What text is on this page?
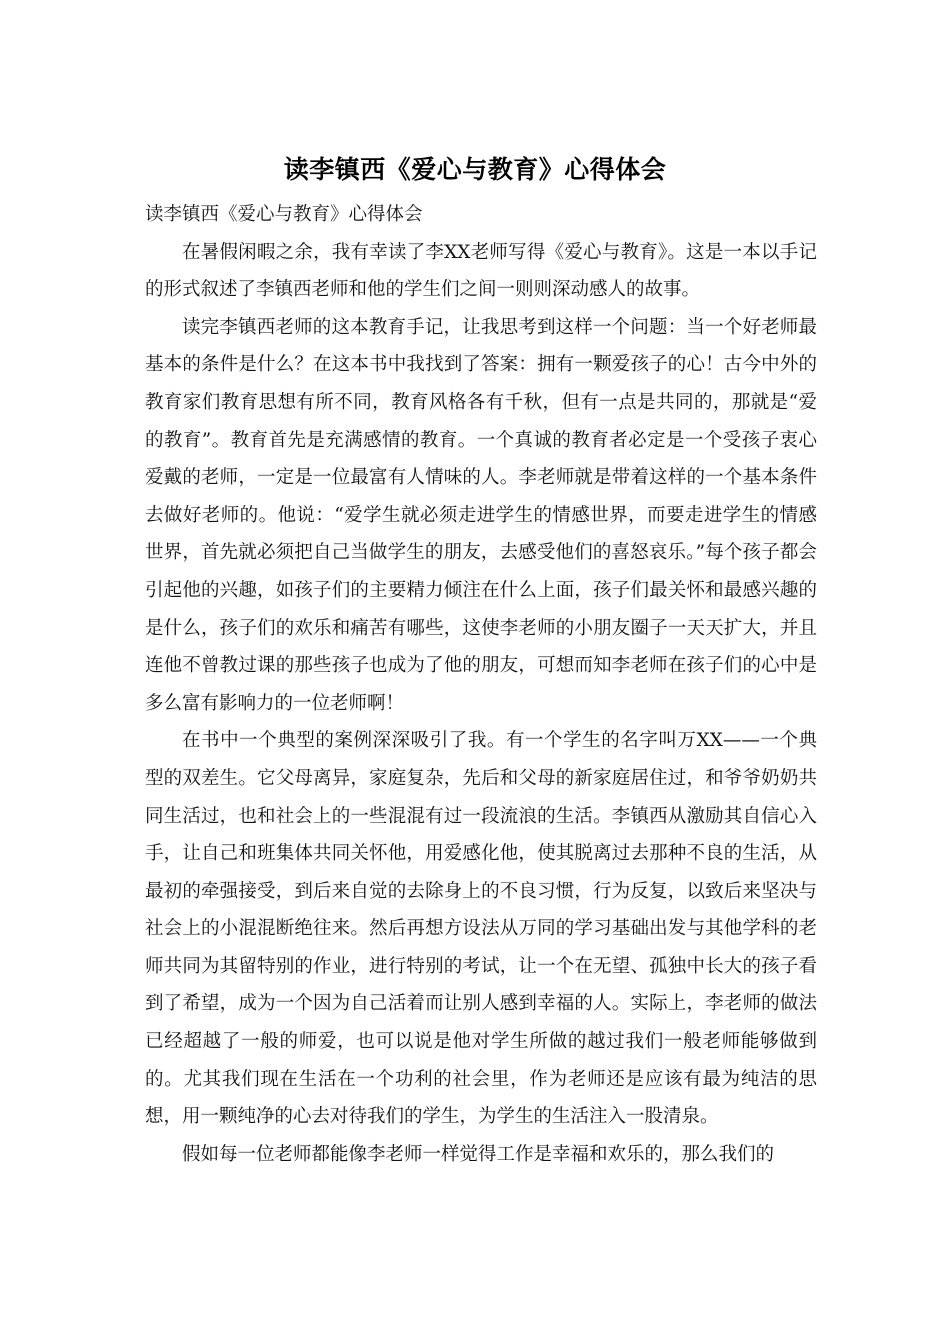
读李镇西《爱心与教育》心得体会

读李镇西《爱心与教育》心得体会

在暑假闲暇之余，我有幸读了李XX老师写得《爱心与教育》。这是一本以手记的形式叙述了李镇西老师和他的学生们之间一则则深动感人的故事。

读完李镇西老师的这本教育手记，让我思考到这样一个问题：当一个好老师最基本的条件是什么？在这本书中我找到了答案：拥有一颗爱孩子的心！古今中外的教育家们教育思想有所不同，教育风格各有千秋，但有一点是共同的，那就是“爱的教育”。教育首先是充满感情的教育。一个真诚的教育者必定是一个受孩子衷心爱戴的老师，一定是一位最富有人情味的人。李老师就是带着这样的一个基本条件去做好老师的。他说：“爱学生就必须走进学生的情感世界，而要走进学生的情感世界，首先就必须把自己当做学生的朋友，去感受他们的喜怒哀乐。”每个孩子都会引起他的兴趣，如孩子们的主要精力倾注在什么上面，孩子们最关怀和最感兴趣的是什么，孩子们的欢乐和痛苦有哪些，这使李老师的小朋友圈子一天天扩大，并且连他不曾教过课的那些孩子也成为了他的朋友，可想而知李老师在孩子们的心中是多么富有影响力的一位老师啊！

在书中一个典型的案例深深吸引了我。有一个学生的名字叫万XX——一个典型的双差生。它父母离异，家庭复杂，先后和父母的新家庭居住过，和爷爷奶奶共同生活过，也和社会上的一些混混有过一段流浪的生活。李镇西从激励其自信心入手，让自己和班集体共同关怀他，用爱感化他，使其脱离过去那种不良的生活，从最初的牵强接受，到后来自觉的去除身上的不良习惯，行为反复，以致后来坚决与社会上的小混混断绝往来。然后再想方设法从万同的学习基础出发与其他学科的老师共同为其留特别的作业，进行特别的考试，让一个在无望、孤独中长大的孩子看到了希望，成为一个因为自己活着而让别人感到幸福的人。实际上，李老师的做法已经超越了一般的师爱，也可以说是他对学生所做的越过我们一般老师能够做到的。尤其我们现在生活在一个功利的社会里，作为老师还是应该有最为纯洁的思想，用一颗纯净的心去对待我们的学生，为学生的生活注入一股清泉。

假如每一位老师都能像李老师一样觉得工作是幸福和欢乐的，那么我们的
